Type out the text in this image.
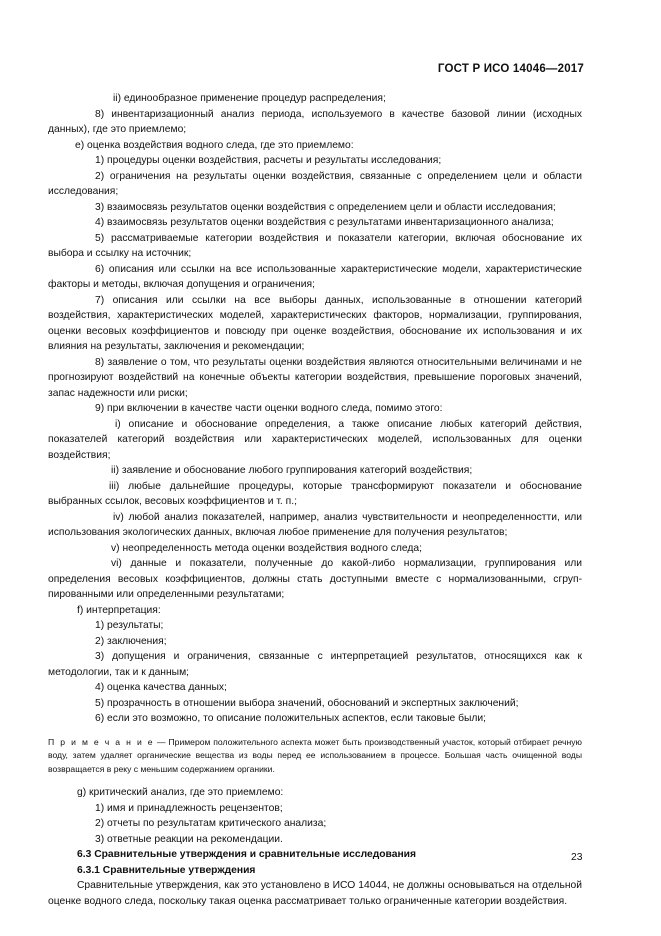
ГОСТ Р ИСО 14046—2017

ii) единообразное применение процедур распределения;

8) инвентаризационный анализ периода, используемого в качестве базовой линии (исходных данных), где это приемлемо;

е) оценка воздействия водного следа, где это приемлемо:

1) процедуры оценки воздействия, расчеты и результаты исследования;

2) ограничения на результаты оценки воздействия, связанные с определением цели и области исследования;

3) взаимосвязь результатов оценки воздействия с определением цели и области исследования;

4) взаимосвязь результатов оценки воздействия с результатами инвентаризационного анализа;

5) рассматриваемые категории воздействия и показатели категории, включая обоснование их выбора и ссылку на источник;

6) описания или ссылки на все использованные характеристические модели, характеристические факторы и методы, включая допущения и ограничения;

7) описания или ссылки на все выборы данных, использованные в отношении категорий воздействия, характеристических моделей, характеристических факторов, нормализации, группирования, оценки весовых коэффициентов и повсюду при оценке воздействия, обоснование их использования и их влияния на результаты, заключения и рекомендации;

8) заявление о том, что результаты оценки воздействия являются относительными величинами и не прогнозируют воздействий на конечные объекты категории воздействия, превышение пороговых значений, запас надежности или риски;

9) при включении в качестве части оценки водного следа, помимо этого:

i) описание и обоснование определения, а также описание любых категорий действия, показателей категорий воздействия или характеристических моделей, использованных для оценки воздействия;

ii) заявление и обоснование любого группирования категорий воздействия;

iii) любые дальнейшие процедуры, которые трансформируют показатели и обоснование выбранных ссылок, весовых коэффициентов и т. п.;

iv) любой анализ показателей, например, анализ чувствительности и неопределенностти, или использования экологических данных, включая любое применение для получения результатов;

v) неопределенность метода оценки воздействия водного следа;

vi) данные и показатели, полученные до какой-либо нормализации, группирования или определения весовых коэффициентов, должны стать доступными вместе с нормализованными, сгруппированными или определенными результатами;

f) интерпретация:

1) результаты;

2) заключения;

3) допущения и ограничения, связанные с интерпретацией результатов, относящихся как к методологии, так и к данным;

4) оценка качества данных;

5) прозрачность в отношении выбора значений, обоснований и экспертных заключений;

6) если это возможно, то описание положительных аспектов, если таковые были;

П р и м е ч а н и е — Примером положительного аспекта может быть производственный участок, который отбирает речную воду, затем удаляет органические вещества из воды перед ее использованием в процессе. Большая часть очищенной воды возвращается в реку с меньшим содержанием органики.

g) критический анализ, где это приемлемо:

1) имя и принадлежность рецензентов;

2) отчеты по результатам критического анализа;

3) ответные реакции на рекомендации.

6.3 Сравнительные утверждения и сравнительные исследования

6.3.1 Сравнительные утверждения

Сравнительные утверждения, как это установлено в ИСО 14044, не должны основываться на отдельной оценке водного следа, поскольку такая оценка рассматривает только ограниченные категории воздействия.

23
